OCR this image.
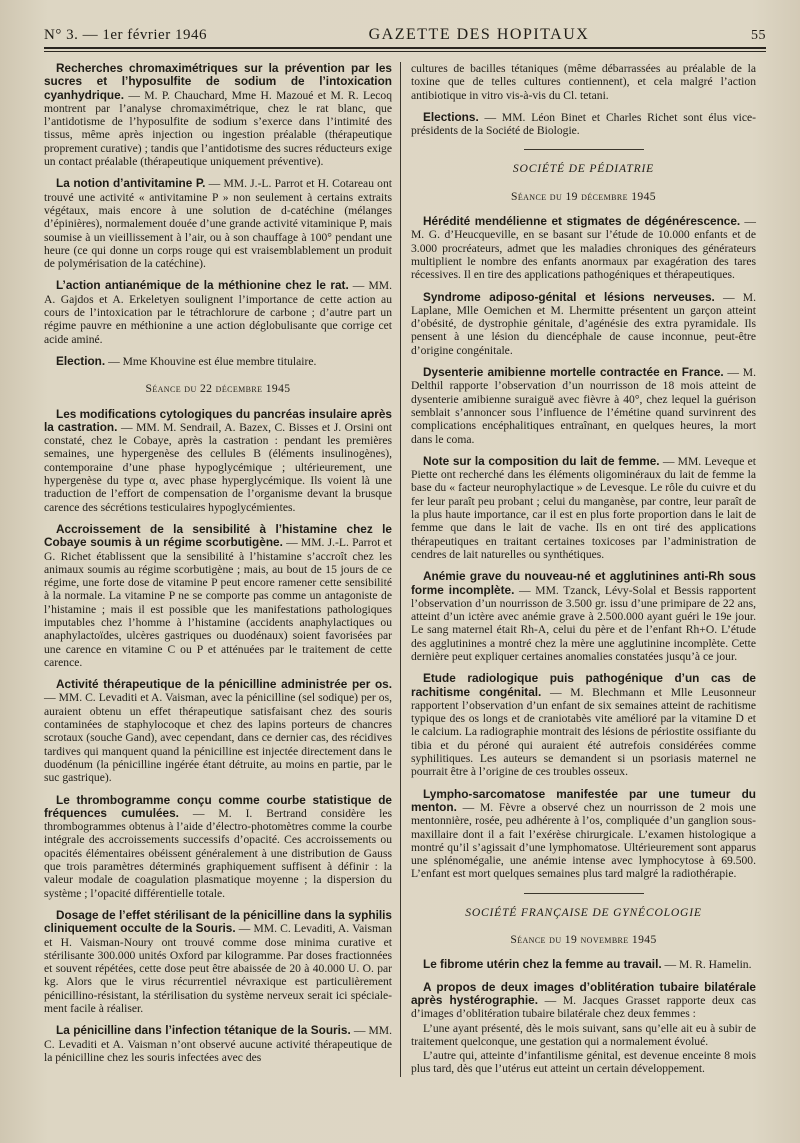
N° 3. — 1er février 1946	GAZETTE DES HOPITAUX	55

Recherches chromaximétriques sur la prévention par les sucres et l’hyposulfite de sodium de l’intoxication cyanhydrique. — M. P. Chauchard, Mme H. Mazoué et M. R. Lecoq montrent par l’analyse chromaximétrique, chez le rat blanc, que l’antidotisme de l’hyposulfite de sodium s’exerce dans l’intimité des tissus, même après injection ou ingestion préalable (thérapeutique proprement curative) ; tandis que l’antidotisme des sucres réducteurs exige un contact préalable (thérapeutique uniquement préventive).

La notion d’antivitamine P. — MM. J.-L. Parrot et H. Cotareau ont trouvé une activité « antivitamine P » non seulement à certains extraits végétaux, mais encore à une solution de d-catéchine (mélanges d’épinières), normalement douée d’une grande activité vitaminique P, mais soumise à un vieillissement à l’air, ou à son chauffage à 100° pendant une heure (ce qui donne un corps rouge qui est vraisemblablement un produit de polymérisation de la catéchine).

L’action antianémique de la méthionine chez le rat. — MM. A. Gajdos et A. Erkeletyen soulignent l’importance de cette action au cours de l’intoxication par le tétrachlorure de carbone ; d’autre part un régime pauvre en méthionine a une action déglobulisante que corrige cet acide aminé.

Election. — Mme Khouvine est élue membre titulaire.

Séance du 22 décembre 1945

Les modifications cytologiques du pancréas insulaire après la castration. — MM. M. Sendrail, A. Bazex, C. Bisses et J. Orsini ont constaté, chez le Cobaye, après la castration : pendant les premières semaines, une hypergenèse des cellules B (éléments insulinogènes), contemporaine d’une phase hypoglycémique ; ultérieurement, une hypergenèse du type α, avec phase hyperglycémique. Ils voient là une traduction de l’effort de compensation de l’organisme devant la brusque carence des sécrétions testiculaires hypoglycémientes.

Accroissement de la sensibilité à l’histamine chez le Cobaye soumis à un régime scorbutigène. — MM. J.-L. Parrot et G. Richet établissent que la sensibilité à l’histamine s’accroît chez les animaux soumis au régime scorbutigène ; mais, au bout de 15 jours de ce régime, une forte dose de vitamine P peut encore ramener cette sensibilité à la normale. La vitamine P ne se comporte pas comme un antagoniste de l’histamine ; mais il est possible que les manifestations pathologiques imputables chez l’homme à l’histamine (accidents anaphylactiques ou anaphylactoïdes, ulcères gastriques ou duodénaux) soient favorisées par une carence en vitamine C ou P et atténuées par le traitement de cette carence.

Activité thérapeutique de la pénicilline administrée per os. — MM. C. Levaditi et A. Vaisman, avec la pénicilline (sel sodique) per os, auraient obtenu un effet thérapeutique satisfaisant chez des souris contaminées de staphylocoque et chez des lapins porteurs de chancres scrotaux (souche Gand), avec cependant, dans ce dernier cas, des récidives tardives qui manquent quand la pénicilline est injectée directement dans le duodénum (la pénicilline ingérée étant détruite, au moins en partie, par le suc gastrique).

Le thrombogramme conçu comme courbe statistique de fréquences cumulées. — M. I. Bertrand considère les thrombogrammes obtenus à l’aide d’électro-photomètres comme la courbe intégrale des accroissements successifs d’opacité. Ces accroissements ou opacités élémentaires obéissent généralement à une distribution de Gauss que trois paramètres déterminés graphiquement suffisent à définir : la valeur modale de coagulation plasmatique moyenne ; la dispersion du système ; l’opacité différentielle totale.

Dosage de l’effet stérilisant de la pénicilline dans la syphilis cliniquement occulte de la Souris. — MM. C. Levaditi, A. Vaisman et H. Vaisman-Noury ont trouvé comme dose minima curative et stérilisante 300.000 unités Oxford par kilogramme. Par doses fractionnées et souvent répétées, cette dose peut être abaissée de 20 à 40.000 U. O. par kg. Alors que le virus récurrentiel névraxique est particulièrement pénicillino-résistant, la stérilisation du système nerveux serait ici spéciale-ment facile à réaliser.

La pénicilline dans l’infection tétanique de la Souris. — MM. C. Levaditi et A. Vaisman n’ont observé aucune activité thérapeutique de la pénicilline chez les souris infectées avec des

cultures de bacilles tétaniques (même débarrassées au préalable de la toxine que de telles cultures contiennent), et cela malgré l’action antibiotique in vitro vis-à-vis du Cl. tetani.

Elections. — MM. Léon Binet et Charles Richet sont élus vice-présidents de la Société de Biologie.

SOCIÉTÉ DE PÉDIATRIE
Séance du 19 décembre 1945

Hérédité mendélienne et stigmates de dégénérescence. — M. G. d’Heucqueville, en se basant sur l’étude de 10.000 enfants et de 3.000 procréateurs, admet que les maladies chroniques des générateurs multiplient le nombre des enfants anormaux par exagération des tares récessives. Il en tire des applications pathogéniques et thérapeutiques.

Syndrome adiposo-génital et lésions nerveuses. — M. Laplane, Mlle Oemichen et M. Lhermitte présentent un garçon atteint d’obésité, de dystrophie génitale, d’agénésie des extra pyramidale. Ils pensent à une lésion du diencéphale de cause inconnue, peut-être d’origine congénitale.

Dysenterie amibienne mortelle contractée en France. — M. Delthil rapporte l’observation d’un nourrisson de 18 mois atteint de dysenterie amibienne suraiguë avec fièvre à 40°, chez lequel la guérison semblait s’annoncer sous l’influence de l’émétine quand survinrent des complications encéphalitiques entraînant, en quelques heures, la mort dans le coma.

Note sur la composition du lait de femme. — MM. Leveque et Piette ont recherché dans les éléments oligominéraux du lait de femme la base du « facteur neurophylactique » de Levesque. Le rôle du cuivre et du fer leur paraît peu probant ; celui du manganèse, par contre, leur paraît de la plus haute importance, car il est en plus forte proportion dans le lait de femme que dans le lait de vache. Ils en ont tiré des applications thérapeutiques en traitant certaines toxicoses par l’administration de cendres de lait naturelles ou synthétiques.

Anémie grave du nouveau-né et agglutinines anti-Rh sous forme incomplète. — MM. Tzanck, Lévy-Solal et Bessis rapportent l’observation d’un nourrisson de 3.500 gr. issu d’une primipare de 22 ans, atteint d’un ictère avec anémie grave à 2.500.000 ayant guéri le 19e jour. Le sang maternel était Rh-A, celui du père et de l’enfant Rh+O. L’étude des agglutinines a montré chez la mère une agglutinine incomplète. Cette dernière peut expliquer certaines anomalies constatées jusqu’à ce jour.

Etude radiologique puis pathogénique d’un cas de rachitisme congénital. — M. Blechmann et Mlle Leusonneur rapportent l’observation d’un enfant de six semaines atteint de rachitisme typique des os longs et de craniotabès vite amélioré par la vitamine D et le calcium. La radiographie montrait des lésions de périostite ossifiante du tibia et du péroné qui auraient été autrefois considérées comme syphilitiques. Les auteurs se demandent si un psoriasis maternel ne pourrait être à l’origine de ces troubles osseux.

Lympho-sarcomatose manifestée par une tumeur du menton. — M. Fèvre a observé chez un nourrisson de 2 mois une mentonnière, rosée, peu adhérente à l’os, compliquée d’un ganglion sous-maxillaire dont il a fait l’exérèse chirurgicale. L’examen histologique a montré qu’il s’agissait d’une lymphomatose. Ultérieurement sont apparus une splénomégalie, une anémie intense avec lymphocytose à 69.500. L’enfant est mort quelques semaines plus tard malgré la radiothérapie.

SOCIÉTÉ FRANÇAISE DE GYNÉCOLOGIE
Séance du 19 novembre 1945

Le fibrome utérin chez la femme au travail. — M. R. Hamelin.

A propos de deux images d’oblitération tubaire bilatérale après hystérographie. — M. Jacques Grasset rapporte deux cas d’images d’oblitération tubaire bilatérale chez deux femmes :

L’une ayant présenté, dès le mois suivant, sans qu’elle ait eu à subir de traitement quelconque, une gestation qui a normalement évolué.

L’autre qui, atteinte d’infantilisme génital, est devenue enceinte 8 mois plus tard, dès que l’utérus eut atteint un certain développement.
